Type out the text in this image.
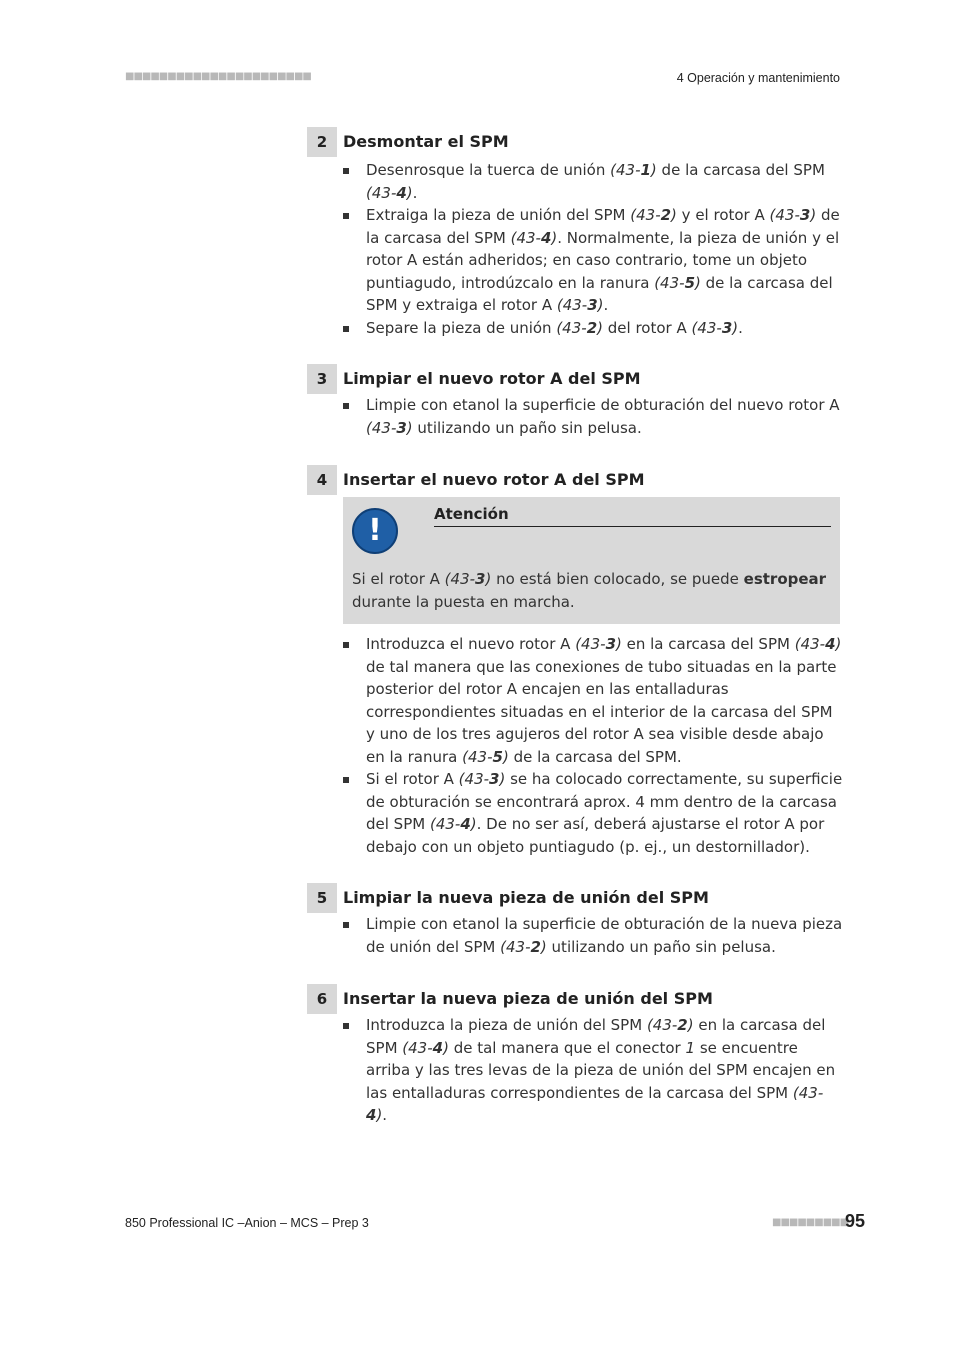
■■■■■■■■■■■■■■■■■■■■■■	4 Operación y mantenimiento
2 Desmontar el SPM
Desenrosque la tuerca de unión (43-1) de la carcasa del SPM (43-4).
Extraiga la pieza de unión del SPM (43-2) y el rotor A (43-3) de la carcasa del SPM (43-4). Normalmente, la pieza de unión y el rotor A están adheridos; en caso contrario, tome un objeto puntiagudo, introdúzcalo en la ranura (43-5) de la carcasa del SPM y extraiga el rotor A (43-3).
Separe la pieza de unión (43-2) del rotor A (43-3).
3 Limpiar el nuevo rotor A del SPM
Limpie con etanol la superficie de obturación del nuevo rotor A (43-3) utilizando un paño sin pelusa.
4 Insertar el nuevo rotor A del SPM
!	Atención
Si el rotor A (43-3) no está bien colocado, se puede estropear durante la puesta en marcha.
Introduzca el nuevo rotor A (43-3) en la carcasa del SPM (43-4) de tal manera que las conexiones de tubo situadas en la parte posterior del rotor A encajen en las entalladuras correspondientes situadas en el interior de la carcasa del SPM y uno de los tres agujeros del rotor A sea visible desde abajo en la ranura (43-5) de la carcasa del SPM.
Si el rotor A (43-3) se ha colocado correctamente, su superficie de obturación se encontrará aprox. 4 mm dentro de la carcasa del SPM (43-4). De no ser así, deberá ajustarse el rotor A por debajo con un objeto puntiagudo (p. ej., un destornillador).
5 Limpiar la nueva pieza de unión del SPM
Limpie con etanol la superficie de obturación de la nueva pieza de unión del SPM (43-2) utilizando un paño sin pelusa.
6 Insertar la nueva pieza de unión del SPM
Introduzca la pieza de unión del SPM (43-2) en la carcasa del SPM (43-4) de tal manera que el conector 1 se encuentre arriba y las tres levas de la pieza de unión del SPM encajen en las entalladuras correspondientes de la carcasa del SPM (43-4).
850 Professional IC –Anion – MCS – Prep 3	■■■■■■■■■
95
